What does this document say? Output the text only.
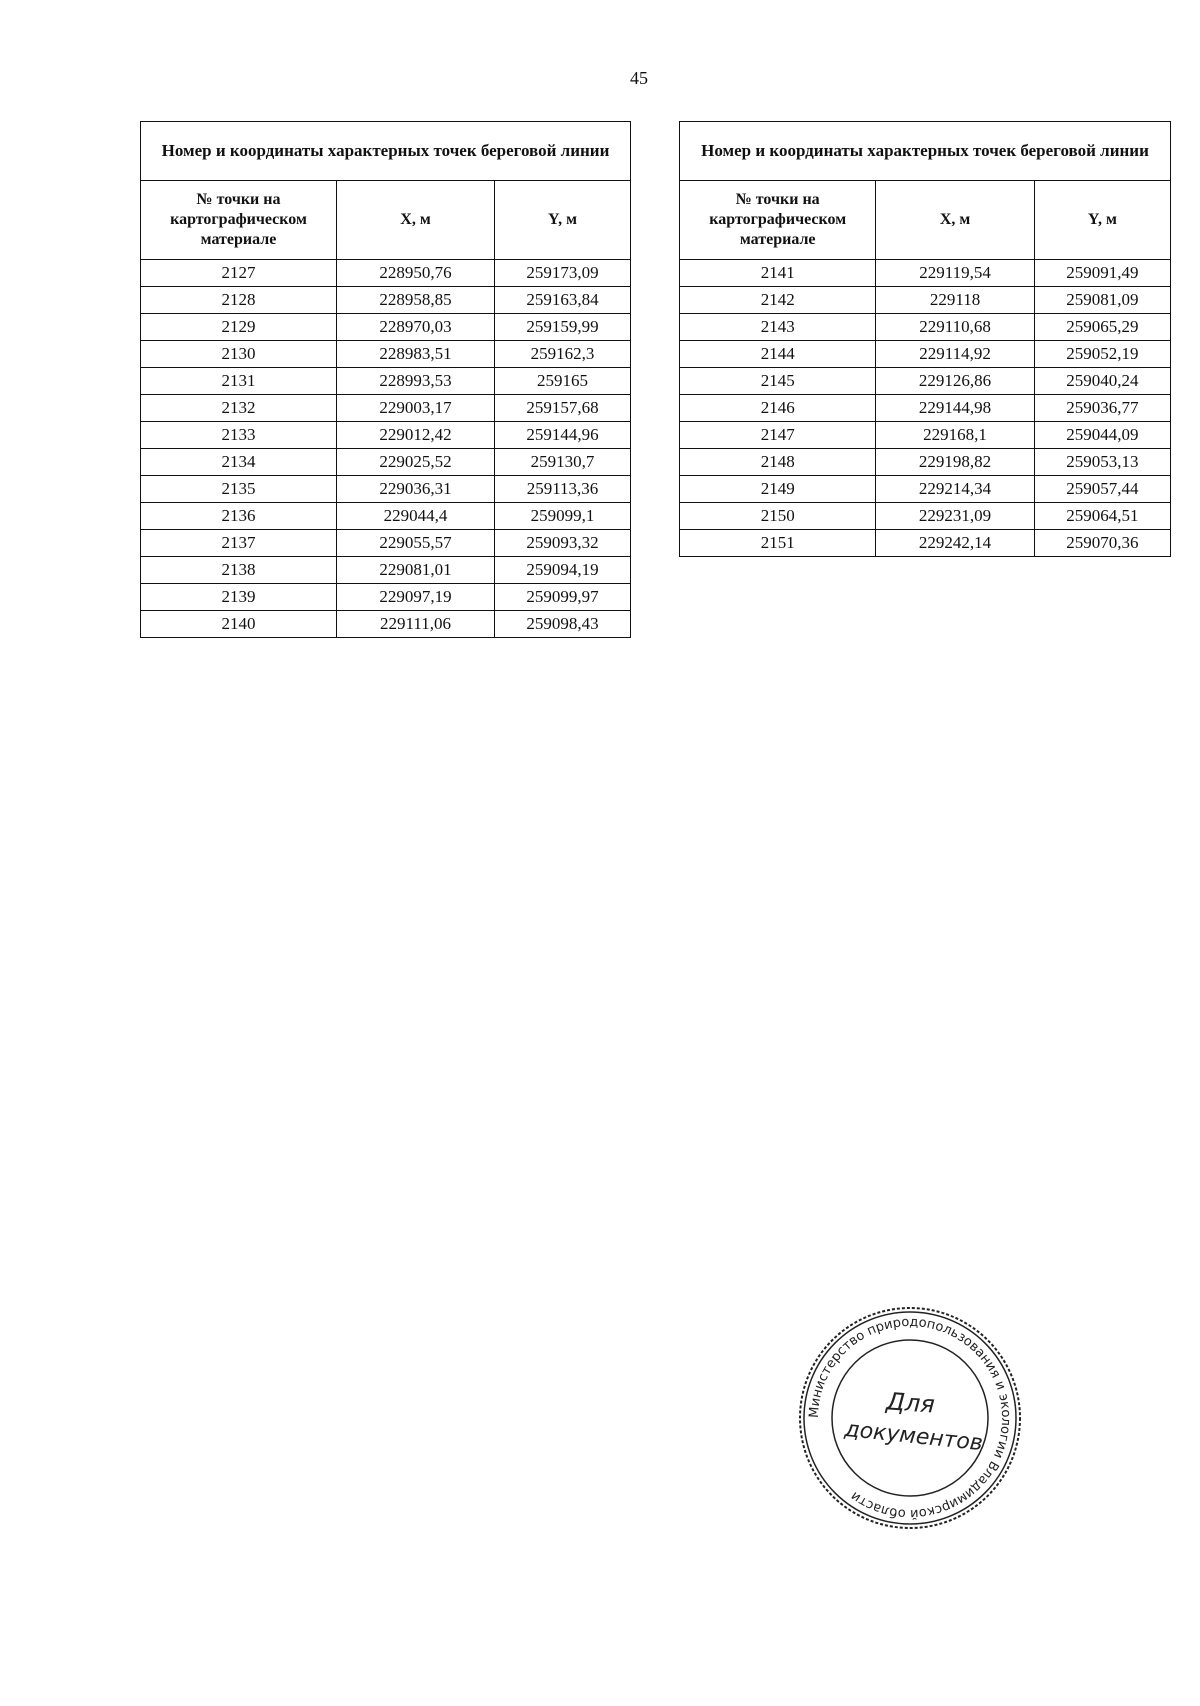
45
Номер и координаты характерных точек береговой линии		
№ точки на картографическом материале	X, м	Y, м
2127	228950,76	259173,09
2128	228958,85	259163,84
2129	228970,03	259159,99
2130	228983,51	259162,3
2131	228993,53	259165
2132	229003,17	259157,68
2133	229012,42	259144,96
2134	229025,52	259130,7
2135	229036,31	259113,36
2136	229044,4	259099,1
2137	229055,57	259093,32
2138	229081,01	259094,19
2139	229097,19	259099,97
2140	229111,06	259098,43
Номер и координаты характерных точек береговой линии		
№ точки на картографическом материале	X, м	Y, м
2141	229119,54	259091,49
2142	229118	259081,09
2143	229110,68	259065,29
2144	229114,92	259052,19
2145	229126,86	259040,24
2146	229144,98	259036,77
2147	229168,1	259044,09
2148	229198,82	259053,13
2149	229214,34	259057,44
2150	229231,09	259064,51
2151	229242,14	259070,36
Министерство природопользования и экологии Владимирской области
Для
документов
